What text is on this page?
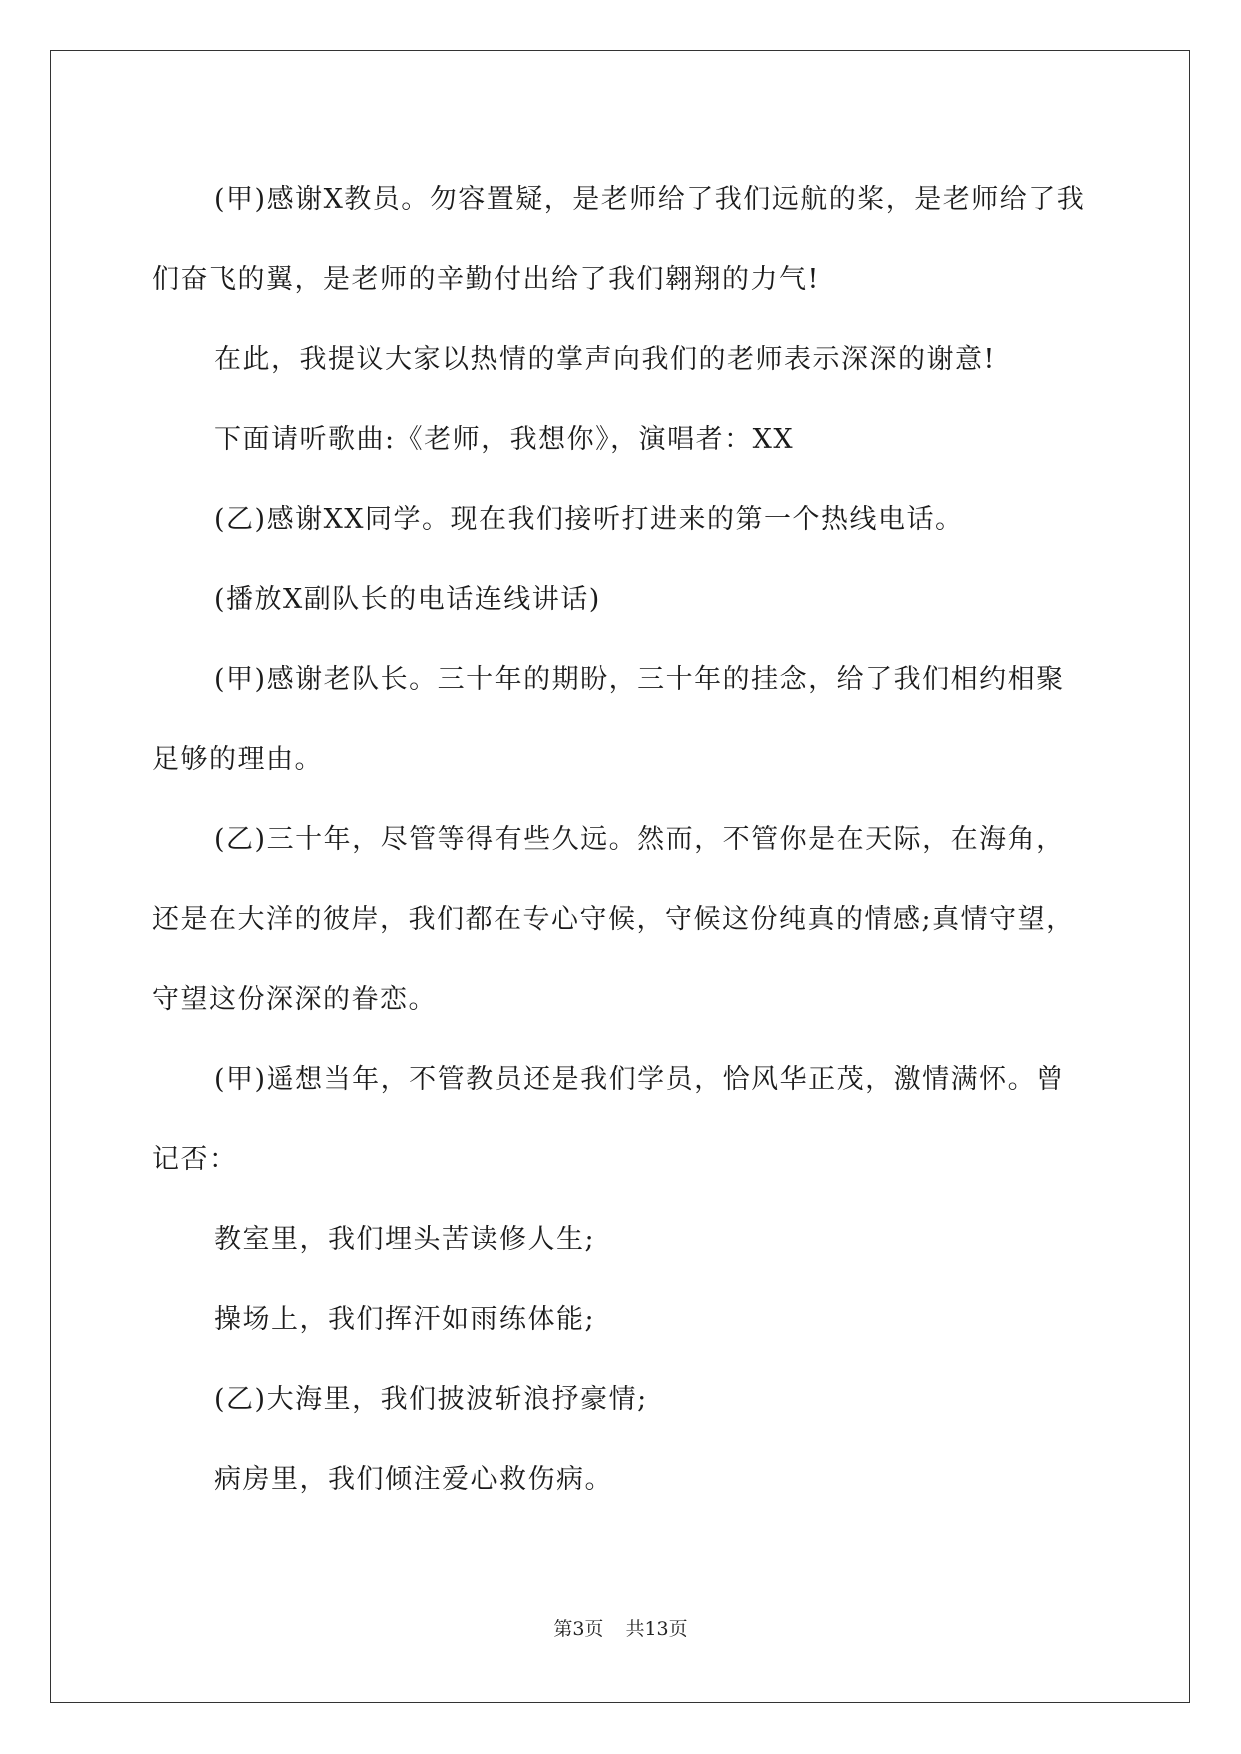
(甲)感谢X教员。勿容置疑，是老师给了我们远航的桨，是老师给了我们奋飞的翼，是老师的辛勤付出给了我们翱翔的力气!

在此，我提议大家以热情的掌声向我们的老师表示深深的谢意!

下面请听歌曲:《老师，我想你》，演唱者：XX

(乙)感谢XX同学。现在我们接听打进来的第一个热线电话。

(播放X副队长的电话连线讲话)

(甲)感谢老队长。三十年的期盼，三十年的挂念，给了我们相约相聚足够的理由。

(乙)三十年，尽管等得有些久远。然而，不管你是在天际，在海角，还是在大洋的彼岸，我们都在专心守候，守候这份纯真的情感;真情守望，守望这份深深的眷恋。

(甲)遥想当年，不管教员还是我们学员，恰风华正茂，激情满怀。曾记否：

教室里，我们埋头苦读修人生;

操场上，我们挥汗如雨练体能;

(乙)大海里，我们披波斩浪抒豪情;

病房里，我们倾注爱心救伤病。

第3页 共13页
